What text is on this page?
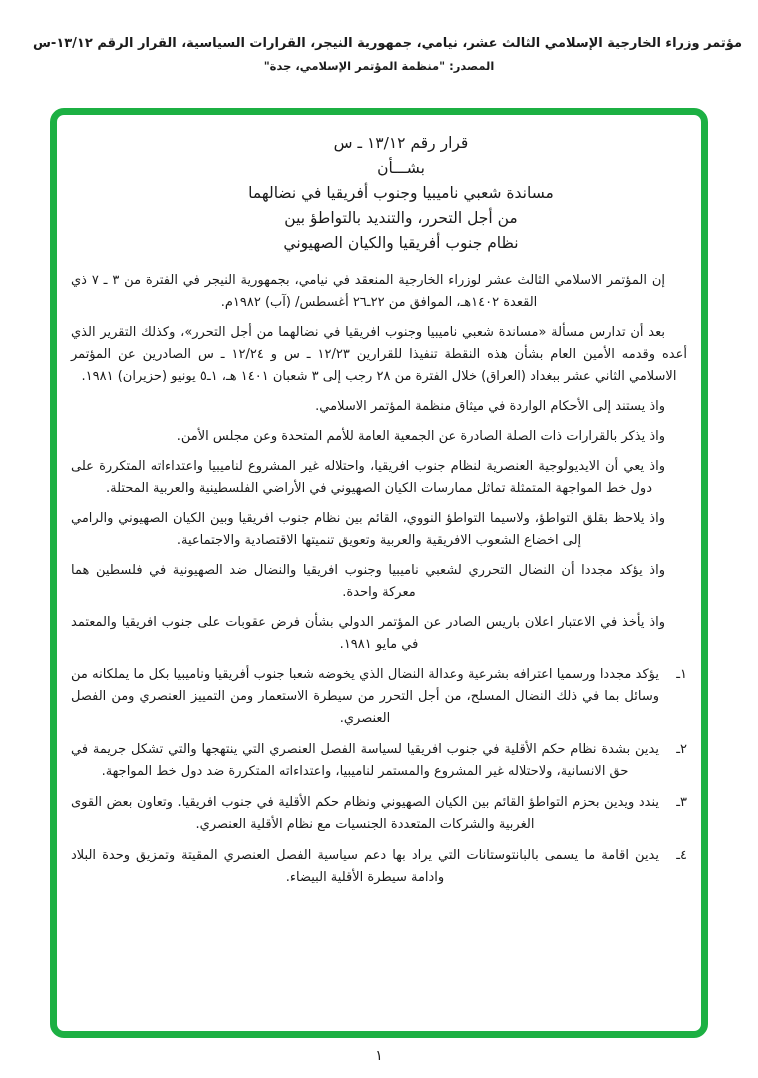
مؤتمر وزراء الخارجية الإسلامي الثالث عشر، نيامي، جمهورية النيجر، القرارات السياسية، القرار الرقم ١٣/١٢-س
المصدر: "منظمة المؤتمر الإسلامي، جدة"
قرار رقم ١٣/١٢ ـ س
بشـــأن
مساندة شعبي ناميبيا وجنوب أفريقيا في نضالهما
من أجل التحرر، والتنديد بالتواطؤ بين
نظام جنوب أفريقيا والكيان الصهيوني

إن المؤتمر الاسلامي الثالث عشر لوزراء الخارجية المنعقد في نيامي، بجمهورية النيجر في الفترة من ٣ ـ ٧ ذي القعدة ١٤٠٢هـ، الموافق من ٢٢ـ٢٦ أغسطس/ (آب) ١٩٨٢م.

بعد أن تدارس مسألة «مساندة شعبي ناميبيا وجنوب افريقيا في نضالهما من أجل التحرر»، وكذلك التقرير الذي أعده وقدمه الأمين العام بشأن هذه النقطة تنفيذا للقرارين ١٢/٢٣ ـ س و ١٢/٢٤ ـ س الصادرين عن المؤتمر الاسلامي الثاني عشر ببغداد (العراق) خلال الفترة من ٢٨ رجب إلى ٣ شعبان ١٤٠١ هـ، ١ـ٥ يونيو (حزيران) ١٩٨١.

واذ يستند إلى الأحكام الواردة في ميثاق منظمة المؤتمر الاسلامي.

واذ يذكر بالقرارات ذات الصلة الصادرة عن الجمعية العامة للأمم المتحدة وعن مجلس الأمن.

واذ يعي أن الايديولوجية العنصرية لنظام جنوب افريقيا، واحتلاله غير المشروع لناميبيا واعتداءاته المتكررة على دول خط المواجهة المتمثلة تماثل ممارسات الكيان الصهيوني في الأراضي الفلسطينية والعربية المحتلة.

واذ يلاحظ بقلق التواطؤ، ولاسيما التواطؤ النووي، القائم بين نظام جنوب افريقيا وبين الكيان الصهيوني والرامي إلى اخضاع الشعوب الافريقية والعربية وتعويق تنميتها الاقتصادية والاجتماعية.

واذ يؤكد مجددا أن النضال التحرري لشعبي ناميبيا وجنوب افريقيا والنضال ضد الصهيونية في فلسطين هما معركة واحدة.

واذ يأخذ في الاعتبار اعلان باريس الصادر عن المؤتمر الدولي بشأن فرض عقوبات على جنوب افريقيا والمعتمد في مايو ١٩٨١.

١ـ

يؤكد مجددا ورسميا اعترافه بشرعية وعدالة النضال الذي يخوضه شعبا جنوب أفريقيا وناميبيا بكل ما يملكانه من وسائل بما في ذلك النضال المسلح، من أجل التحرر من سيطرة الاستعمار ومن التمييز العنصري ومن الفصل العنصري.

٢ـ

يدين بشدة نظام حكم الأقلية في جنوب افريقيا لسياسة الفصل العنصري التي ينتهجها والتي تشكل جريمة في حق الانسانية، ولاحتلاله غير المشروع والمستمر لناميبيا، واعتداءاته المتكررة ضد دول خط المواجهة.

٣ـ

يندد ويدين بحزم التواطؤ القائم بين الكيان الصهيوني ونظام حكم الأقلية في جنوب افريقيا. وتعاون بعض القوى الغربية والشركات المتعددة الجنسيات مع نظام الأقلية العنصري.

٤ـ

يدين اقامة ما يسمى بالبانتوستانات التي يراد بها دعم سياسية الفصل العنصري المقيتة وتمزيق وحدة البلاد وادامة سيطرة الأقلية البيضاء.

١
